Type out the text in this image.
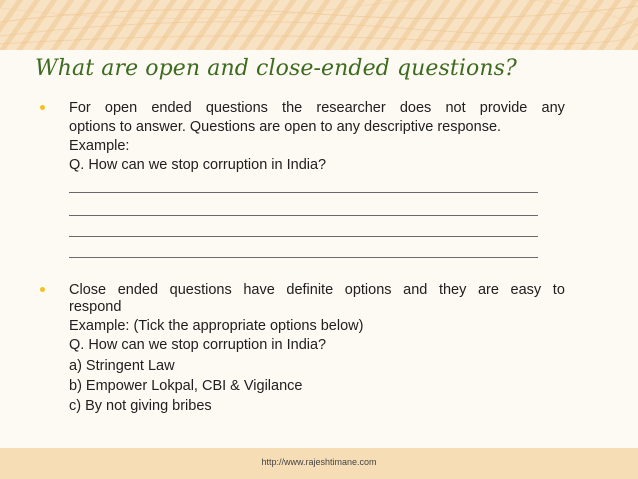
What are open and close-ended questions?
For open ended questions the researcher does not provide any
options to answer. Questions are open to any descriptive response.
Example:
Q. How can we stop corruption in India?
Close ended questions have definite options and they are easy to
respond
Example: (Tick the appropriate options below)
Q. How can we stop corruption in India?
a) Stringent Law
b) Empower Lokpal, CBI & Vigilance
c) By not giving bribes
http://www.rajeshtimane.com
